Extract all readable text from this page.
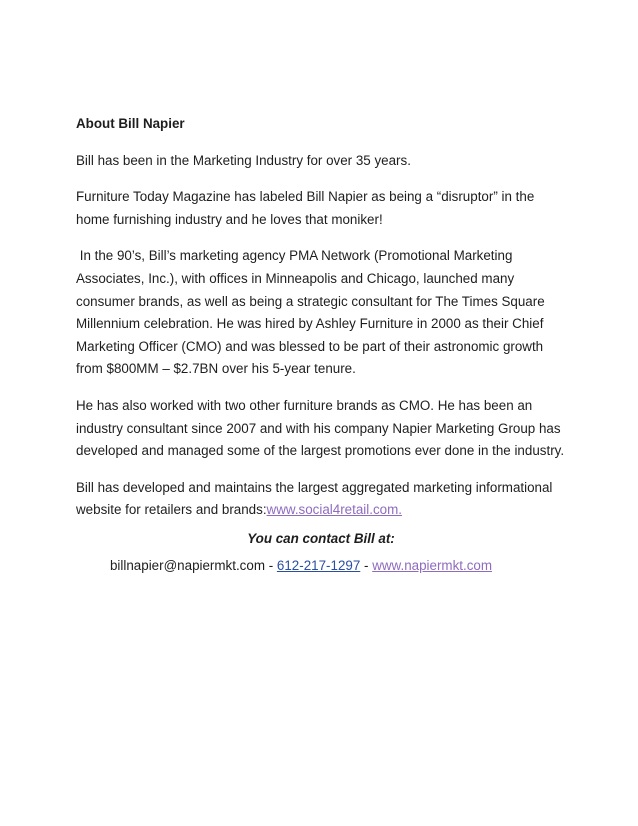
About Bill Napier

Bill has been in the Marketing Industry for over 35 years.

Furniture Today Magazine has labeled Bill Napier as being a “disruptor” in the home furnishing industry and he loves that moniker!

In the 90’s, Bill’s marketing agency PMA Network (Promotional Marketing Associates, Inc.), with offices in Minneapolis and Chicago, launched many consumer brands, as well as being a strategic consultant for The Times Square Millennium celebration. He was hired by Ashley Furniture in 2000 as their Chief Marketing Officer (CMO) and was blessed to be part of their astronomic growth from $800MM – $2.7BN over his 5-year tenure.

He has also worked with two other furniture brands as CMO. He has been an industry consultant since 2007 and with his company Napier Marketing Group has developed and managed some of the largest promotions ever done in the industry.

Bill has developed and maintains the largest aggregated marketing informational website for retailers and brands:www.social4retail.com.

You can contact Bill at:

billnapier@napiermkt.com - 612-217-1297 - www.napiermkt.com
